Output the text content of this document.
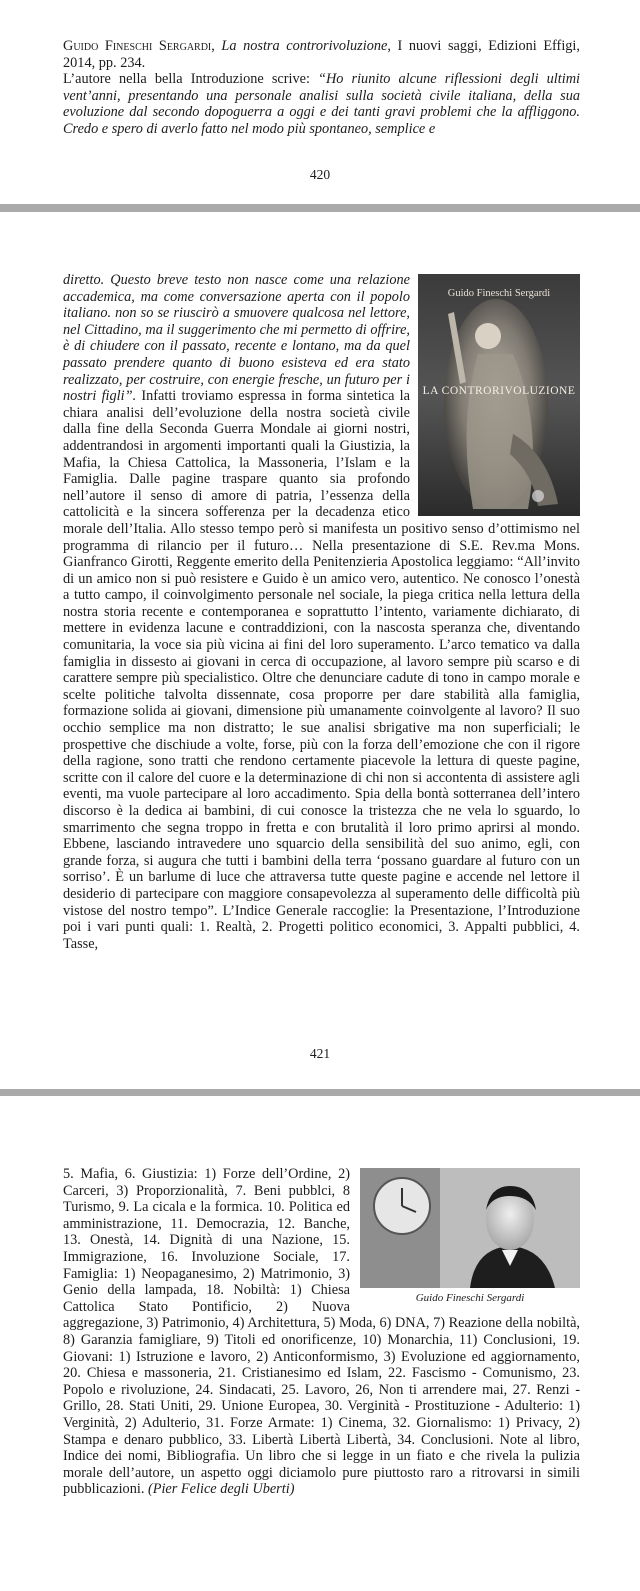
Guido Fineschi Sergardi, La nostra controrivoluzione, I nuovi saggi, Edizioni Effigi, 2014, pp. 234.
L’autore nella bella Introduzione scrive: “Ho riunito alcune riflessioni degli ultimi vent’anni, presentando una personale analisi sulla società civile italiana, della sua evoluzione dal secondo dopoguerra a oggi e dei tanti gravi problemi che la affliggono. Credo e spero di averlo fatto nel modo più spontaneo, semplice e
420
Guido Fineschi Sergardi
LA CONTRORIVOLUZIONE
diretto. Questo breve testo non nasce come una relazione accademica, ma come conversazione aperta con il popolo italiano. non so se riuscirò a smuovere qualcosa nel lettore, nel Cittadino, ma il suggerimento che mi permetto di offrire, è di chiudere con il passato, recente e lontano, ma da quel passato prendere quanto di buono esisteva ed era stato realizzato, per costruire, con energie fresche, un futuro per i nostri figli”. Infatti troviamo espressa in forma sintetica la chiara analisi dell’evoluzione della nostra società civile dalla fine della Seconda Guerra Mondale ai giorni nostri, addentrandosi in argomenti importanti quali la Giustizia, la Mafia, la Chiesa Cattolica, la Massoneria, l’Islam e la Famiglia. Dalle pagine traspare quanto sia profondo nell’autore il senso di amore di patria, l’essenza della cattolicità e la sincera sofferenza per la decadenza etico morale dell’Italia. Allo stesso tempo però si manifesta un positivo senso d’ottimismo nel programma di rilancio per il futuro… Nella presentazione di S.E. Rev.ma Mons. Gianfranco Girotti, Reggente emerito della Penitenzieria Apostolica leggiamo: “All’invito di un amico non si può resistere e Guido è un amico vero, autentico. Ne conosco l’onestà a tutto campo, il coinvolgimento personale nel sociale, la piega critica nella lettura della nostra storia recente e contemporanea e soprattutto l’intento, variamente dichiarato, di mettere in evidenza lacune e contraddizioni, con la nascosta speranza che, diventando comunitaria, la voce sia più vicina ai fini del loro superamento. L’arco tematico va dalla famiglia in dissesto ai giovani in cerca di occupazione, al lavoro sempre più scarso e di carattere sempre più specialistico. Oltre che denunciare cadute di tono in campo morale e scelte politiche talvolta dissennate, cosa proporre per dare stabilità alla famiglia, formazione solida ai giovani, dimensione più umanamente coinvolgente al lavoro? Il suo occhio semplice ma non distratto; le sue analisi sbrigative ma non superficiali; le prospettive che dischiude a volte, forse, più con la forza dell’emozione che con il rigore della ragione, sono tratti che rendono certamente piacevole la lettura di queste pagine, scritte con il calore del cuore e la determinazione di chi non si accontenta di assistere agli eventi, ma vuole partecipare al loro accadimento. Spia della bontà sotterranea dell’intero discorso è la dedica ai bambini, di cui conosce la tristezza che ne vela lo sguardo, lo smarrimento che segna troppo in fretta e con brutalità il loro primo aprirsi al mondo. Ebbene, lasciando intravedere uno squarcio della sensibilità del suo animo, egli, con grande forza, si augura che tutti i bambini della terra ‘possano guardare al futuro con un sorriso’. È un barlume di luce che attraversa tutte queste pagine e accende nel lettore il desiderio di partecipare con maggiore consapevolezza al superamento delle difficoltà più vistose del nostro tempo”. L’Indice Generale raccoglie: la Presentazione, l’Introduzione poi i vari punti quali: 1. Realtà, 2. Progetti politico economici, 3. Appalti pubblici, 4. Tasse,
421
Guido Fineschi Sergardi
5. Mafia, 6. Giustizia: 1) Forze dell’Ordine, 2) Carceri, 3) Proporzionalità, 7. Beni pubblci, 8 Turismo, 9. La cicala e la formica. 10. Politica ed amministrazione, 11. Democrazia, 12. Banche, 13. Onestà, 14. Dignità di una Nazione, 15. Immigrazione, 16. Involuzione Sociale, 17. Famiglia: 1) Neopaganesimo, 2) Matrimonio, 3) Genio della lampada, 18. Nobiltà: 1) Chiesa Cattolica Stato Pontificio, 2) Nuova aggregazione, 3) Patrimonio, 4) Architettura, 5) Moda, 6) DNA, 7) Reazione della nobiltà, 8) Garanzia famigliare, 9) Titoli ed onorificenze, 10) Monarchia, 11) Conclusioni, 19. Giovani: 1) Istruzione e lavoro, 2) Anticonformismo, 3) Evoluzione ed aggiornamento, 20. Chiesa e massoneria, 21. Cristianesimo ed Islam, 22. Fascismo - Comunismo, 23. Popolo e rivoluzione, 24. Sindacati, 25. Lavoro, 26, Non ti arrendere mai, 27. Renzi - Grillo, 28. Stati Uniti, 29. Unione Europea, 30. Verginità - Prostituzione - Adulterio: 1) Verginità, 2) Adulterio, 31. Forze Armate: 1) Cinema, 32. Giornalismo: 1) Privacy, 2) Stampa e denaro pubblico, 33. Libertà Libertà Libertà, 34. Conclusioni. Note al libro, Indice dei nomi, Bibliografia. Un libro che si legge in un fiato e che rivela la pulizia morale dell’autore, un aspetto oggi diciamolo pure piuttosto raro a ritrovarsi in simili pubblicazioni. (Pier Felice degli Uberti)
